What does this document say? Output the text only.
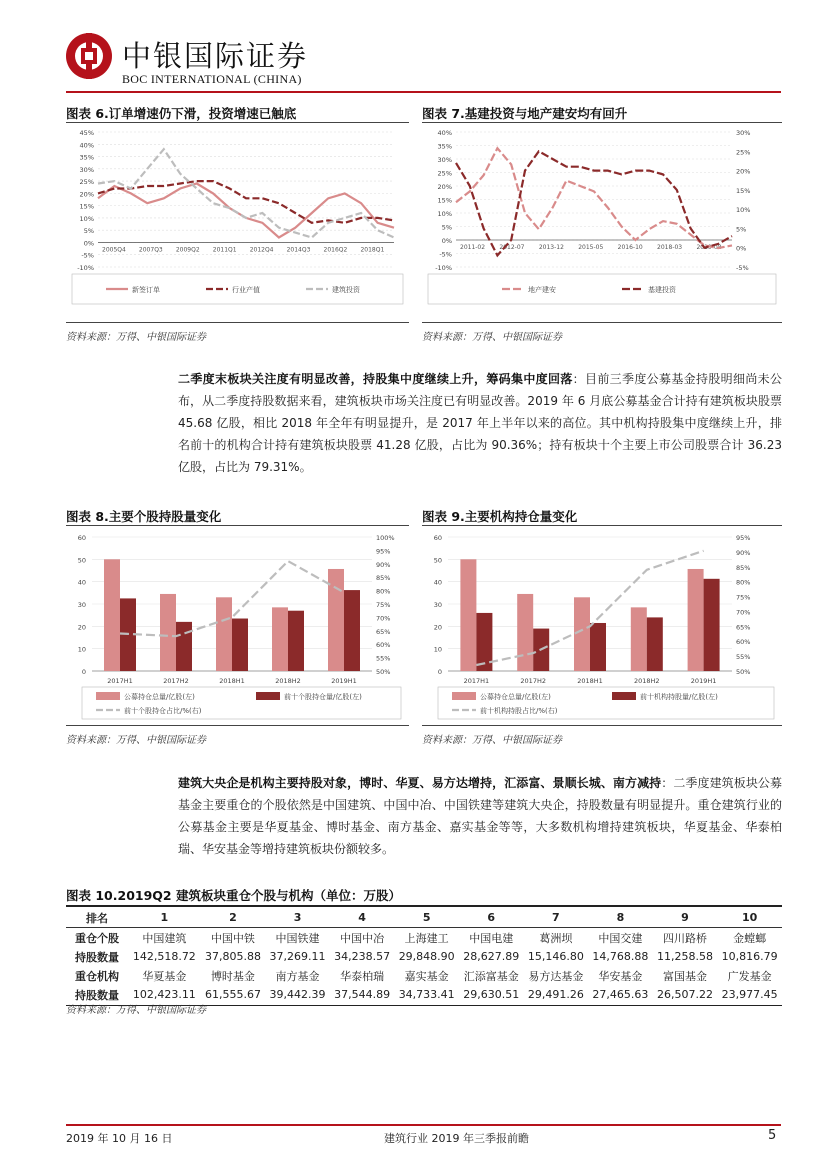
中银国际证券
BOC INTERNATIONAL (CHINA)
图表 6.订单增速仍下滑，投资增速已触底
45%
40%
35%
30%
25%
20%
15%
10%
5%
0%
-5%
-10%
2005Q4 2007Q3 2009Q2 2011Q1 2012Q4 2014Q3 2016Q2 2018Q1
新签订单	行业产值	建筑投资
资料来源：万得、中银国际证券
图表 7.基建投资与地产建安均有回升
40%
35%
30%
25%
20%
15%
10%
5%
0%
-5%
-10%
30%
25%
20%
15%
10%
5%
0%
-5%
2011-02 2012-07 2013-12 2015-05 2016-10 2018-03 2019-08
地产建安	基建投资
资料来源：万得、中银国际证券
二季度末板块关注度有明显改善，持股集中度继续上升，筹码集中度回落：目前三季度公募基金持股明细尚未公布，从二季度持股数据来看，建筑板块市场关注度已有明显改善。2019 年 6 月底公募基金合计持有建筑板块股票 45.68 亿股，相比 2018 年全年有明显提升，是 2017 年上半年以来的高位。其中机构持股集中度继续上升，排名前十的机构合计持有建筑板块股票 41.28 亿股，占比为 90.36%；持有板块十个主要上市公司股票合计 36.23 亿股，占比为 79.31%。
图表 8.主要个股持股量变化
60
50
40
30
20
10
0
100%
95%
90%
85%
80%
75%
70%
65%
60%
55%
50%
2017H1	2017H2	2018H1	2018H2	2019H1
公募持仓总量/亿股(左)	前十个股持仓量/亿股(左)
前十个股持仓占比/%(右)
资料来源：万得、中银国际证券
图表 9.主要机构持仓量变化
60
50
40
30
20
10
0
95%
90%
85%
80%
75%
70%
65%
60%
55%
50%
2017H1	2017H2	2018H1	2018H2	2019H1
公募持仓总量/亿股(左)	前十机构持股量/亿股(左)
前十机构持股占比/%(右)
资料来源：万得、中银国际证券
建筑大央企是机构主要持股对象，博时、华夏、易方达增持，汇添富、景顺长城、南方减持：二季度建筑板块公募基金主要重仓的个股依然是中国建筑、中国中冶、中国铁建等建筑大央企，持股数量有明显提升。重仓建筑行业的公募基金主要是华夏基金、博时基金、南方基金、嘉实基金等等，大多数机构增持建筑板块，华夏基金、华泰柏瑞、华安基金等增持建筑板块份额较多。
图表 10.2019Q2 建筑板块重仓个股与机构（单位：万股）
排名	1	2	3	4	5	6	7	8	9	10
重仓个股	中国建筑	中国中铁	中国铁建	中国中冶	上海建工	中国电建	葛洲坝	中国交建	四川路桥	金螳螂
持股数量	142,518.72	37,805.88	37,269.11	34,238.57	29,848.90	28,627.89	15,146.80	14,768.88	11,258.58	10,816.79
重仓机构	华夏基金	博时基金	南方基金	华泰柏瑞	嘉实基金	汇添富基金	易方达基金	华安基金	富国基金	广发基金
持股数量	102,423.11	61,555.67	39,442.39	37,544.89	34,733.41	29,630.51	29,491.26	27,465.63	26,507.22	23,977.45
资料来源：万得、中银国际证券
2019 年 10 月 16 日	建筑行业 2019 年三季报前瞻	5
